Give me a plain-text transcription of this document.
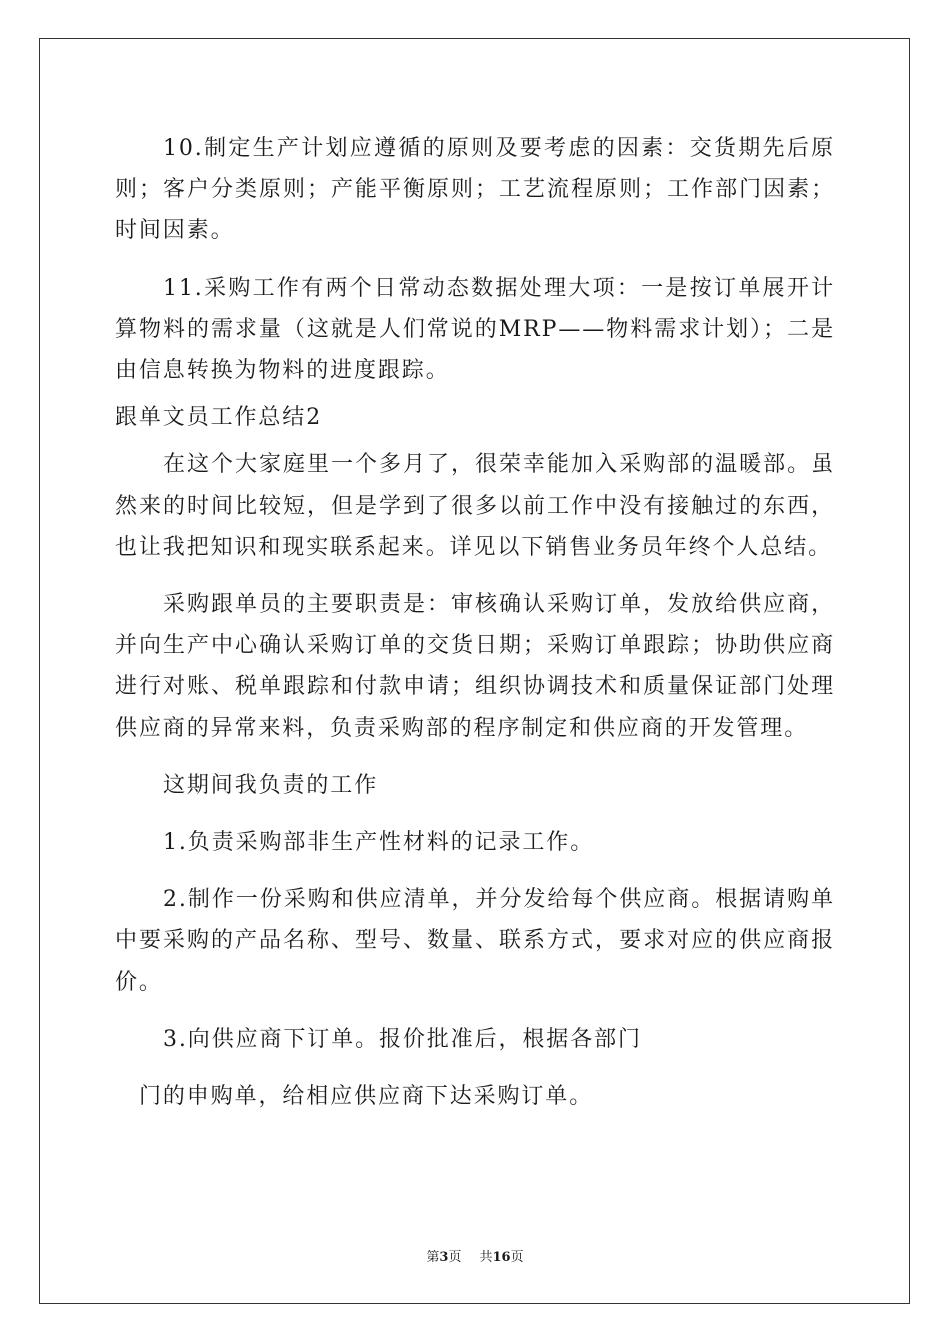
10.制定生产计划应遵循的原则及要考虑的因素：交货期先后原则；客户分类原则；产能平衡原则；工艺流程原则；工作部门因素；时间因素。

11.采购工作有两个日常动态数据处理大项：一是按订单展开计算物料的需求量（这就是人们常说的MRP——物料需求计划）；二是由信息转换为物料的进度跟踪。

跟单文员工作总结2

在这个大家庭里一个多月了，很荣幸能加入采购部的温暖部。虽然来的时间比较短，但是学到了很多以前工作中没有接触过的东西，也让我把知识和现实联系起来。详见以下销售业务员年终个人总结。

采购跟单员的主要职责是：审核确认采购订单，发放给供应商，并向生产中心确认采购订单的交货日期；采购订单跟踪；协助供应商进行对账、税单跟踪和付款申请；组织协调技术和质量保证部门处理供应商的异常来料，负责采购部的程序制定和供应商的开发管理。

这期间我负责的工作

1.负责采购部非生产性材料的记录工作。

2.制作一份采购和供应清单，并分发给每个供应商。根据请购单中要采购的产品名称、型号、数量、联系方式，要求对应的供应商报价。

3.向供应商下订单。报价批准后，根据各部门

门的申购单，给相应供应商下达采购订单。

第3页 共16页
